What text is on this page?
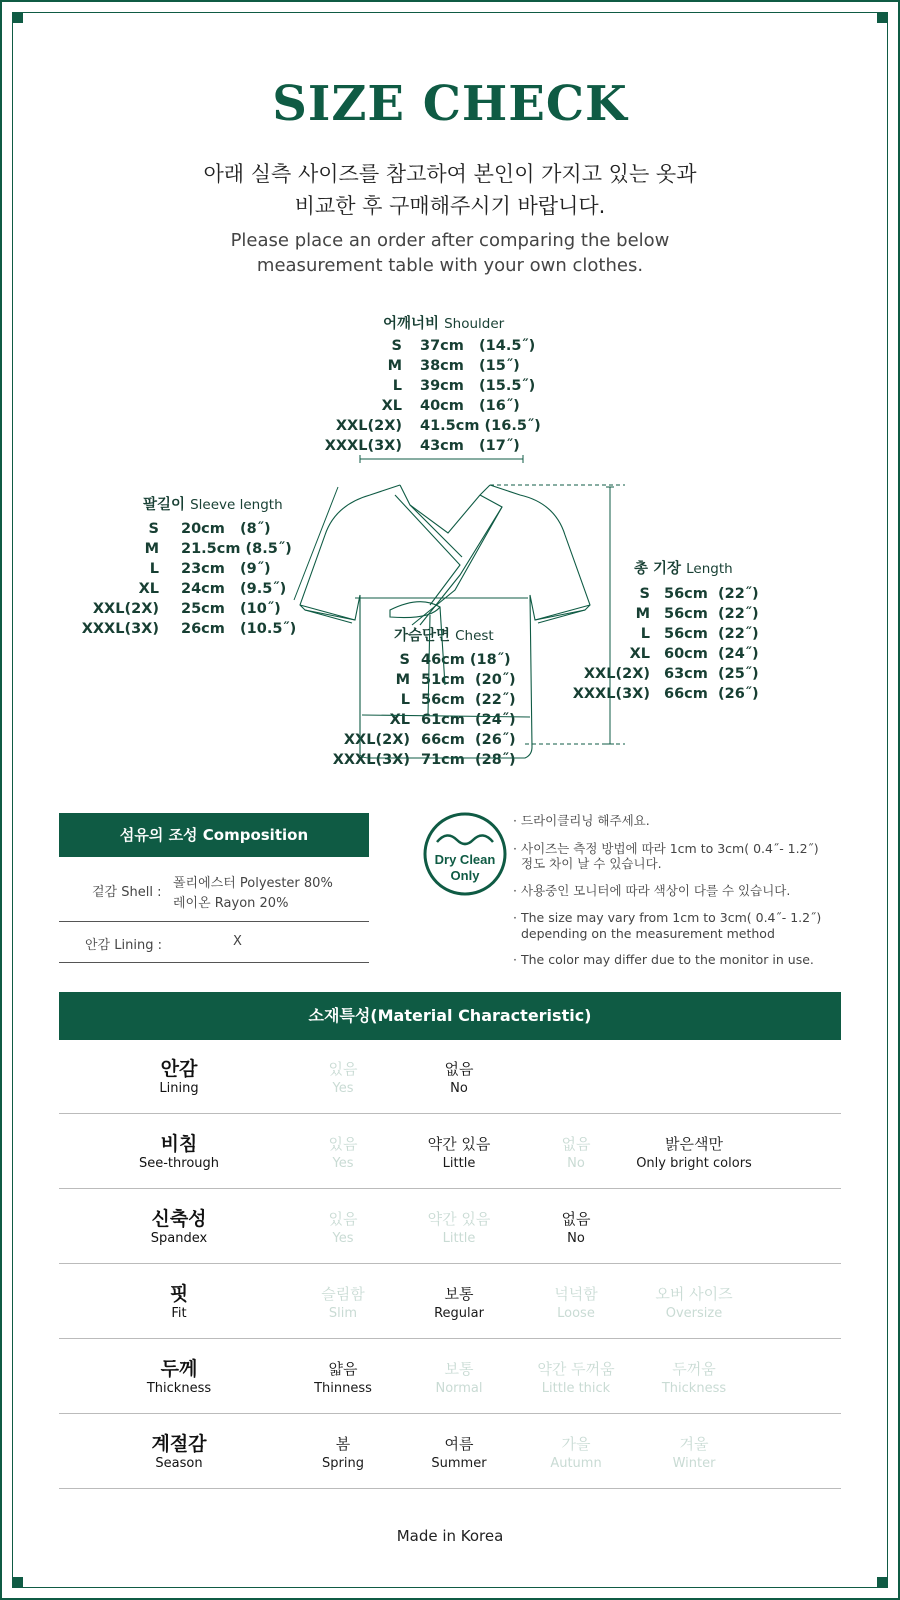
SIZE CHECK
아래 실측 사이즈를 참고하여 본인이 가지고 있는 옷과
비교한 후 구매해주시기 바랍니다.
Please place an order after comparing the below
measurement table with your own clothes.
어깨너비 Shoulder
팔길이 Sleeve length
총 기장 Length
가슴단면 Chest
S 37cm   (14.5˝)
M 38cm   (15˝)
L 39cm   (15.5˝)
XL 40cm   (16˝)
XXL(2X) 41.5cm (16.5˝)
XXXL(3X) 43cm   (17˝)
S 20cm   (8˝)
M 21.5cm (8.5˝)
L 23cm   (9˝)
XL 24cm   (9.5˝)
XXL(2X) 25cm   (10˝)
XXXL(3X) 26cm   (10.5˝)
S 56cm  (22˝)
M 56cm  (22˝)
L 56cm  (22˝)
XL 60cm  (24˝)
XXL(2X) 63cm  (25˝)
XXXL(3X) 66cm  (26˝)
S 46cm (18˝)
M 51cm  (20˝)
L 56cm  (22˝)
XL 61cm  (24˝)
XXL(2X) 66cm  (26˝)
XXXL(3X) 71cm  (28˝)
섬유의 조성 Composition
겉감 Shell :
폴리에스터 Polyester 80%
레이온 Rayon 20%
안감 Lining :	X
Dry Clean
Only
· 드라이클리닝 해주세요.
· 사이즈는 측정 방법에 따라 1cm to 3cm( 0.4˝- 1.2˝)
정도 차이 날 수 있습니다.
· 사용중인 모니터에 따라 색상이 다를 수 있습니다.
· The size may vary from 1cm to 3cm( 0.4˝- 1.2˝)
depending on the measurement method
· The color may differ due to the monitor in use.
소재특성(Material Characteristic)
안감
Lining
있음
Yes
없음
No
비침
See-through
있음
Yes
약간 있음
Little
없음
No
밝은색만
Only bright colors
신축성
Spandex
있음
Yes
약간 있음
Little
없음
No
핏
Fit
슬림함
Slim
보통
Regular
넉넉함
Loose
오버 사이즈
Oversize
두께
Thickness
얇음
Thinness
보통
Normal
약간 두꺼움
Little thick
두꺼움
Thickness
계절감
Season
봄
Spring
여름
Summer
가을
Autumn
겨울
Winter
Made in Korea
